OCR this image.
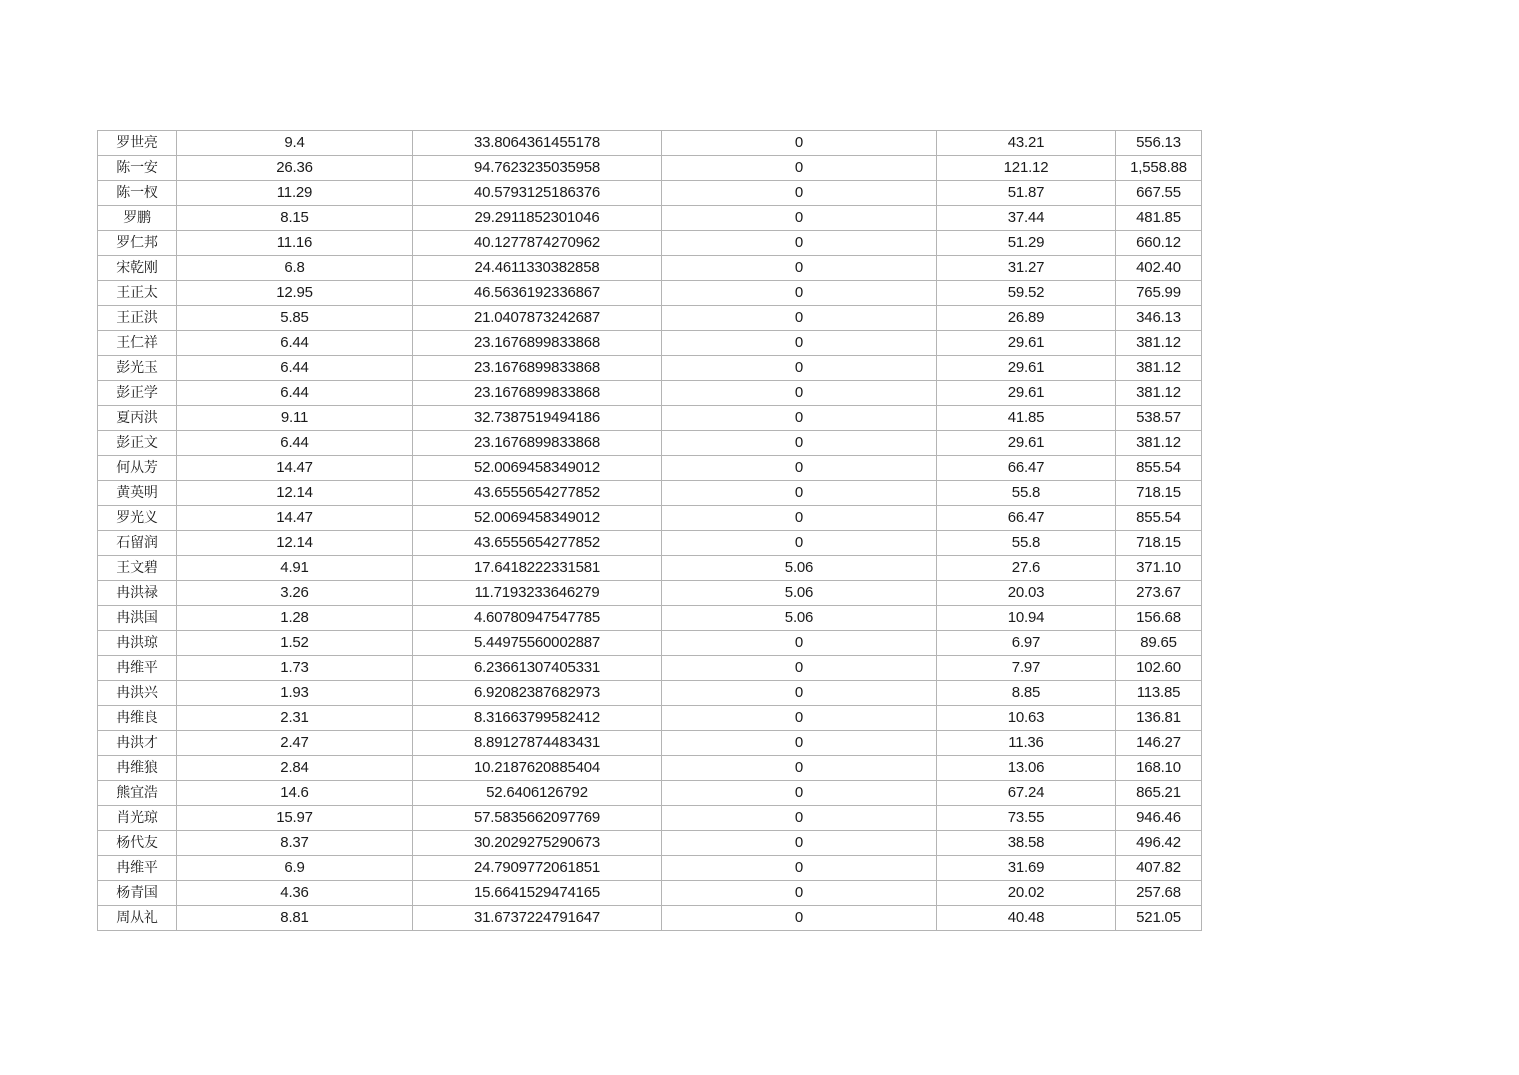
罗世亮	9.4	33.8064361455178	0	43.21	556.13
陈一安	26.36	94.7623235035958	0	121.12	1,558.88
陈一杈	11.29	40.5793125186376	0	51.87	667.55
罗鹏	8.15	29.2911852301046	0	37.44	481.85
罗仁邦	11.16	40.1277874270962	0	51.29	660.12
宋乾刚	6.8	24.4611330382858	0	31.27	402.40
王正太	12.95	46.5636192336867	0	59.52	765.99
王正洪	5.85	21.0407873242687	0	26.89	346.13
王仁祥	6.44	23.1676899833868	0	29.61	381.12
彭光玉	6.44	23.1676899833868	0	29.61	381.12
彭正学	6.44	23.1676899833868	0	29.61	381.12
夏丙洪	9.11	32.7387519494186	0	41.85	538.57
彭正文	6.44	23.1676899833868	0	29.61	381.12
何从芳	14.47	52.0069458349012	0	66.47	855.54
黄英明	12.14	43.6555654277852	0	55.8	718.15
罗光义	14.47	52.0069458349012	0	66.47	855.54
石留润	12.14	43.6555654277852	0	55.8	718.15
王文碧	4.91	17.6418222331581	5.06	27.6	371.10
冉洪禄	3.26	11.7193233646279	5.06	20.03	273.67
冉洪国	1.28	4.60780947547785	5.06	10.94	156.68
冉洪琼	1.52	5.44975560002887	0	6.97	89.65
冉维平	1.73	6.23661307405331	0	7.97	102.60
冉洪兴	1.93	6.92082387682973	0	8.85	113.85
冉维良	2.31	8.31663799582412	0	10.63	136.81
冉洪才	2.47	8.89127874483431	0	11.36	146.27
冉维狼	2.84	10.2187620885404	0	13.06	168.10
熊宜浩	14.6	52.6406126792	0	67.24	865.21
肖光琼	15.97	57.5835662097769	0	73.55	946.46
杨代友	8.37	30.2029275290673	0	38.58	496.42
冉维平	6.9	24.7909772061851	0	31.69	407.82
杨青国	4.36	15.6641529474165	0	20.02	257.68
周从礼	8.81	31.6737224791647	0	40.48	521.05
